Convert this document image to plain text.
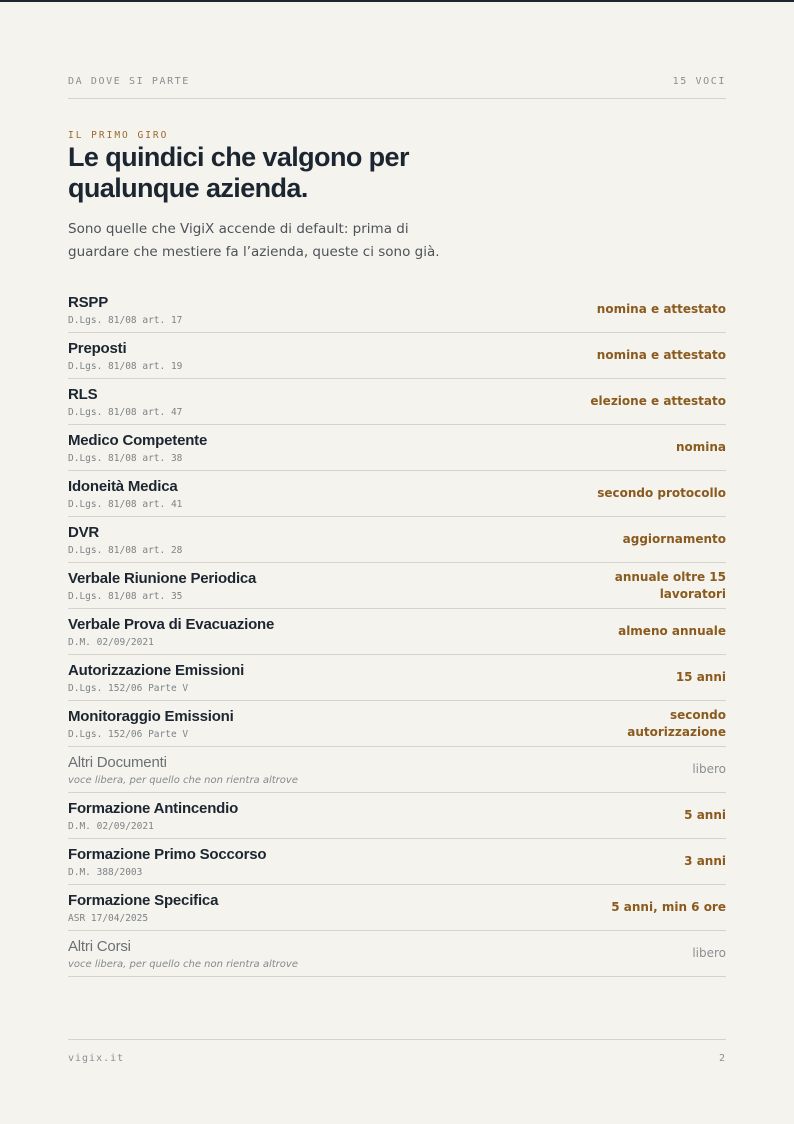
DA DOVE SI PARTE	15 VOCI
IL PRIMO GIRO
Le quindici che valgono per qualunque azienda.

Sono quelle che VigiX accende di default: prima di guardare che mestiere fa l’azienda, queste ci sono già.

RSPP
D.Lgs. 81/08 art. 17
nomina e attestato
Preposti
D.Lgs. 81/08 art. 19
nomina e attestato
RLS
D.Lgs. 81/08 art. 47
elezione e attestato
Medico Competente
D.Lgs. 81/08 art. 38
nomina
Idoneità Medica
D.Lgs. 81/08 art. 41
secondo protocollo
DVR
D.Lgs. 81/08 art. 28
aggiornamento
Verbale Riunione Periodica
D.Lgs. 81/08 art. 35
annuale oltre 15 lavoratori
Verbale Prova di Evacuazione
D.M. 02/09/2021
almeno annuale
Autorizzazione Emissioni
D.Lgs. 152/06 Parte V
15 anni
Monitoraggio Emissioni
D.Lgs. 152/06 Parte V
secondo autorizzazione
Altri Documenti
voce libera, per quello che non rientra altrove
libero
Formazione Antincendio
D.M. 02/09/2021
5 anni
Formazione Primo Soccorso
D.M. 388/2003
3 anni
Formazione Specifica
ASR 17/04/2025
5 anni, min 6 ore
Altri Corsi
voce libera, per quello che non rientra altrove
libero
vigix.it	2
